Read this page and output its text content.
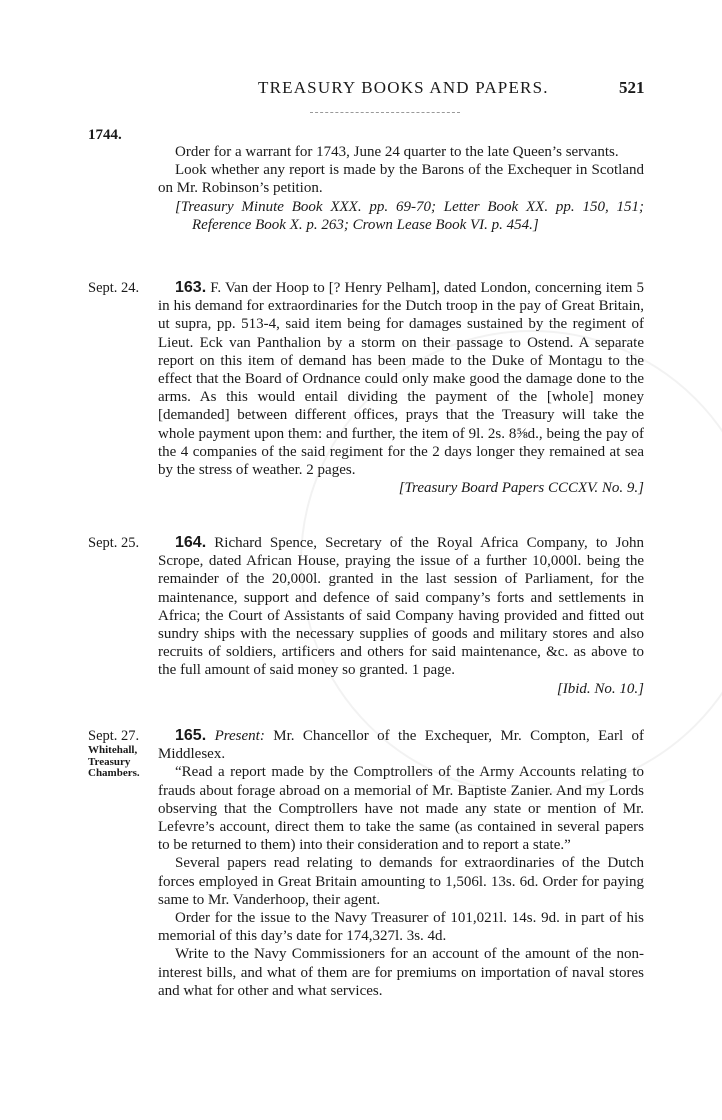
TREASURY BOOKS AND PAPERS.	521
1744.

Order for a warrant for 1743, June 24 quarter to the late Queen’s servants.

Look whether any report is made by the Barons of the Exchequer in Scotland on Mr. Robinson’s petition.

[Treasury Minute Book XXX. pp. 69-70; Letter Book XX. pp. 150, 151; Reference Book X. p. 263; Crown Lease Book VI. p. 454.]

Sept. 24.	163. F. Van der Hoop to [? Henry Pelham], dated London, concerning item 5 in his demand for extraordinaries for the Dutch troop in the pay of Great Britain, ut supra, pp. 513-4, said item being for damages sustained by the regiment of Lieut. Eck van Panthalion by a storm on their passage to Ostend. A separate report on this item of demand has been made to the Duke of Montagu to the effect that the Board of Ordnance could only make good the damage done to the arms. As this would entail dividing the payment of the [whole] money [demanded] between different offices, prays that the Treasury will take the whole payment upon them: and further, the item of 9l. 2s. 8⅝d., being the pay of the 4 companies of the said regiment for the 2 days longer they remained at sea by the stress of weather. 2 pages.

[Treasury Board Papers CCCXV. No. 9.]

Sept. 25.	164. Richard Spence, Secretary of the Royal Africa Company, to John Scrope, dated African House, praying the issue of a further 10,000l. being the remainder of the 20,000l. granted in the last session of Parliament, for the maintenance, support and defence of said company’s forts and settlements in Africa; the Court of Assistants of said Company having provided and fitted out sundry ships with the necessary supplies of goods and military stores and also recruits of soldiers, artificers and others for said maintenance, &c. as above to the full amount of said money so granted. 1 page.

[Ibid. No. 10.]

Sept. 27.
Whitehall,
Treasury
Chambers.

165. Present: Mr. Chancellor of the Exchequer, Mr. Compton, Earl of Middlesex.

“Read a report made by the Comptrollers of the Army Accounts relating to frauds about forage abroad on a memorial of Mr. Baptiste Zanier. And my Lords observing that the Comptrollers have not made any state or mention of Mr. Lefevre’s account, direct them to take the same (as contained in several papers to be returned to them) into their consideration and to report a state.”

Several papers read relating to demands for extraordinaries of the Dutch forces employed in Great Britain amounting to 1,506l. 13s. 6d. Order for paying same to Mr. Vanderhoop, their agent.

Order for the issue to the Navy Treasurer of 101,021l. 14s. 9d. in part of his memorial of this day’s date for 174,327l. 3s. 4d.

Write to the Navy Commissioners for an account of the amount of the non-interest bills, and what of them are for premiums on importation of naval stores and what for other and what services.
